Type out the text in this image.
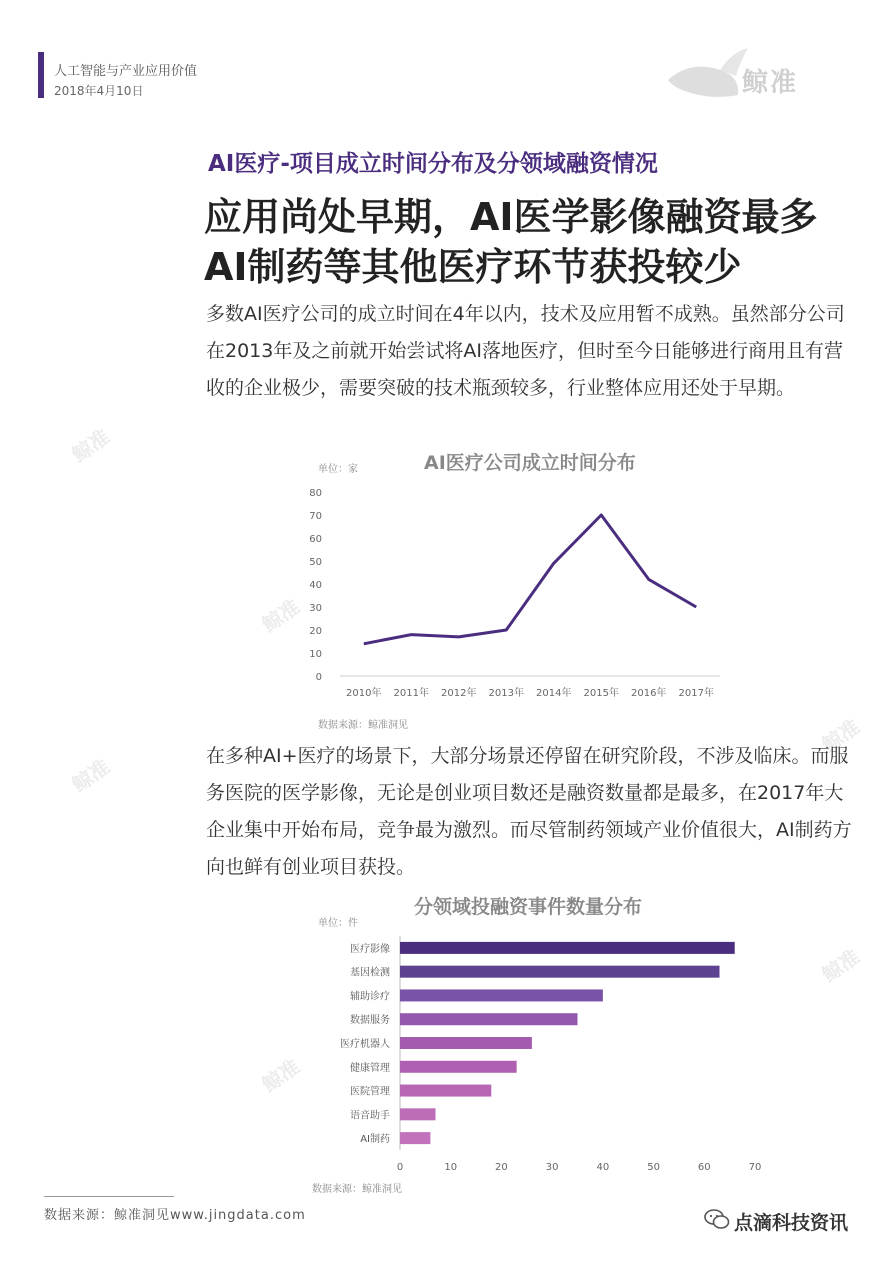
鲸准
鲸准
鲸准
鲸准
鲸准
鲸准
人工智能与产业应用价值
2018年4月10日	鲸准
AI医疗-项目成立时间分布及分领域融资情况
应用尚处早期，AI医学影像融资最多
AI制药等其他医疗环节获投较少
多数AI医疗公司的成立时间在4年以内，技术及应用暂不成熟。虽然部分公司在2013年及之前就开始尝试将AI落地医疗，但时至今日能够进行商用且有营收的企业极少，需要突破的技术瓶颈较多，行业整体应用还处于早期。
AI医疗公司成立时间分布
单位：家
0
10
20
30
40
50
60
70
80
2010年 2011年 2012年 2013年 2014年 2015年 2016年 2017年
数据来源：鲸准洞见
在多种AI+医疗的场景下，大部分场景还停留在研究阶段，不涉及临床。而服务医院的医学影像，无论是创业项目数还是融资数量都是最多，在2017年大企业集中开始布局，竞争最为激烈。而尽管制药领域产业价值很大，AI制药方向也鲜有创业项目获投。
分领域投融资事件数量分布
单位：件
医疗影像
基因检测
辅助诊疗
数据服务
医疗机器人
健康管理
医院管理
语音助手
AI制药
0	10	20	30	40	50	60	70
数据来源：鲸准洞见
数据来源：鲸准洞见www.jingdata.com	点滴科技资讯
